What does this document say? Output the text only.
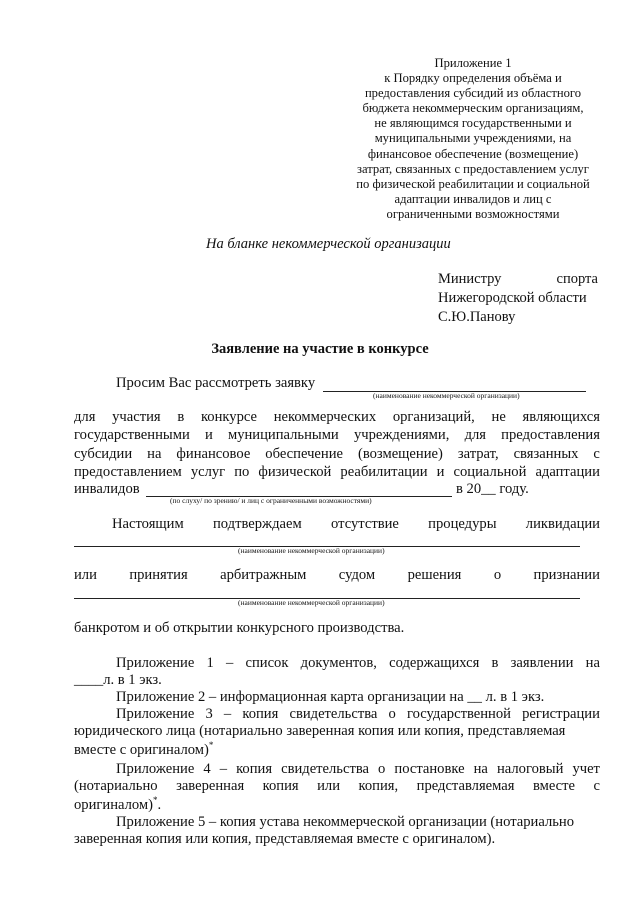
Приложение 1
к Порядку определения объёма и
предоставления субсидий из областного
бюджета некоммерческим организациям,
не являющимся государственными и
муниципальными учреждениями, на
финансовое обеспечение (возмещение)
затрат, связанных с предоставлением услуг
по физической реабилитации и социальной
адаптации инвалидов и лиц с
ограниченными возможностями
На бланке некоммерческой организации
Министру	спорта
Нижегородской области
С.Ю.Панову
Заявление на участие в конкурсе
Просим Вас рассмотреть заявку
(наименование некоммерческой организации)
для участия в конкурсе некоммерческих организаций, не являющихся
государственными и муниципальными учреждениями, для предоставления
субсидии на финансовое обеспечение (возмещение) затрат, связанных с
предоставлением услуг по физической реабилитации и социальной адаптации
инвалидов	в 20__ году.
(по слуху/ по зрению/ и лиц с ограниченными возможностями)
Настоящим подтверждаем отсутствие процедуры ликвидации
(наименование некоммерческой организации)
или принятия арбитражным судом решения о признании
(наименование некоммерческой организации)
банкротом и об открытии конкурсного производства.
Приложение 1 – список документов, содержащихся в заявлении на
____л. в 1 экз.
Приложение 2 – информационная карта организации на __ л. в 1 экз.
Приложение 3 – копия свидетельства о государственной регистрации
юридического лица (нотариально заверенная копия или копия, представляемая
вместе с оригиналом)*
Приложение 4 – копия свидетельства о постановке на налоговый учет
(нотариально заверенная копия или копия, представляемая вместе с
оригиналом)*.
Приложение 5 – копия устава некоммерческой организации (нотариально
заверенная копия или копия, представляемая вместе с оригиналом).
